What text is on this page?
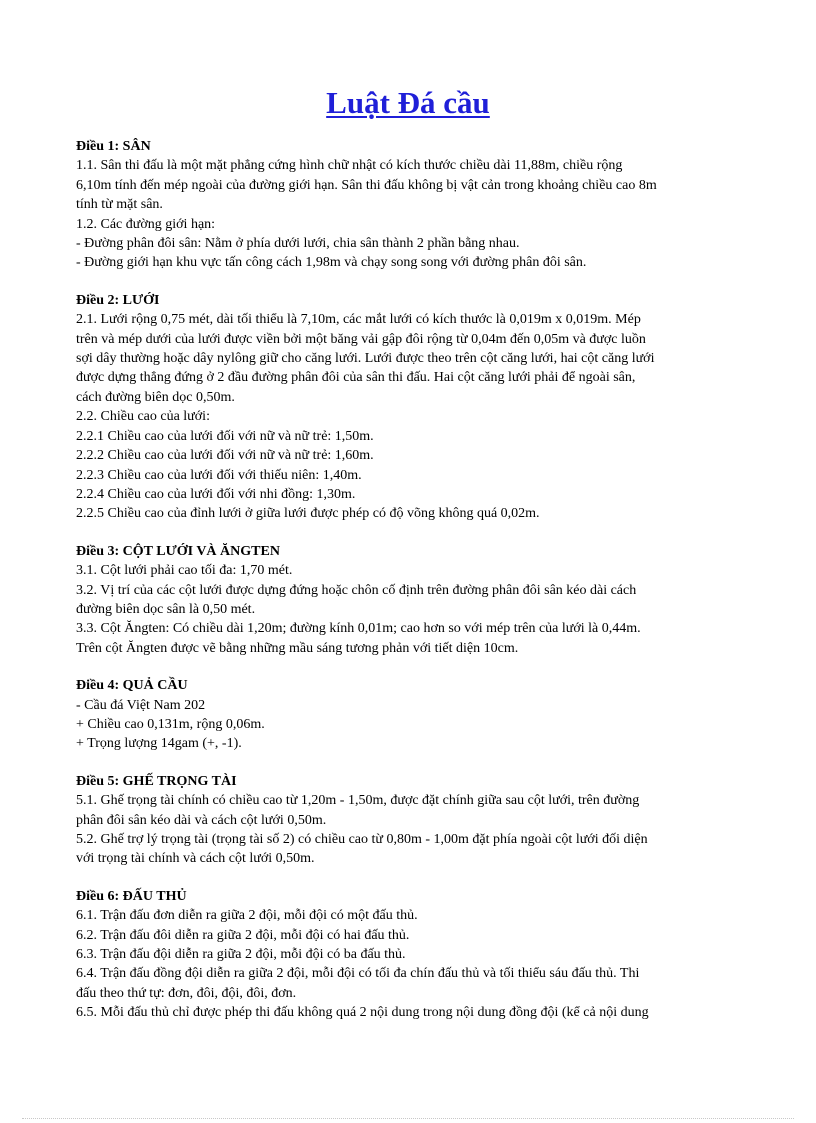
Luật Đá cầu

Điều 1: SÂN

1.1. Sân thi đấu là một mặt phẳng cứng hình chữ nhật có kích thước chiều dài 11,88m, chiều rộng

6,10m tính đến mép ngoài của đường giới hạn. Sân thi đấu không bị vật cản trong khoảng chiều cao 8m

tính từ mặt sân.

1.2. Các đường giới hạn:

- Đường phân đôi sân: Nằm ở phía dưới lưới, chia sân thành 2 phần bằng nhau.

- Đường giới hạn khu vực tấn công cách 1,98m và chạy song song với đường phân đôi sân.

Điều 2: LƯỚI

2.1. Lưới rộng 0,75 mét, dài tối thiểu là 7,10m, các mắt lưới có kích thước là 0,019m x 0,019m. Mép

trên và mép dưới của lưới được viền bởi một băng vải gập đôi rộng từ 0,04m đến 0,05m và được luồn

sợi dây thường hoặc dây nylông giữ cho căng lưới. Lưới được theo trên cột căng lưới, hai cột căng lưới

được dựng thẳng đứng ở 2 đầu đường phân đôi của sân thi đấu. Hai cột căng lưới phải để ngoài sân,

cách đường biên dọc 0,50m.

2.2. Chiều cao của lưới:

2.2.1 Chiều cao của lưới đối với nữ và nữ trẻ: 1,50m.

2.2.2 Chiều cao của lưới đối với nữ và nữ trẻ: 1,60m.

2.2.3 Chiều cao của lưới đối với thiếu niên: 1,40m.

2.2.4 Chiều cao của lưới đối với nhi đồng: 1,30m.

2.2.5 Chiều cao của đỉnh lưới ở giữa lưới được phép có độ võng không quá 0,02m.

Điều 3: CỘT LƯỚI VÀ ĂNGTEN

3.1. Cột lưới phải cao tối đa: 1,70 mét.

3.2. Vị trí của các cột lưới được dựng đứng hoặc chôn cố định trên đường phân đôi sân kéo dài cách

đường biên dọc sân là 0,50 mét.

3.3. Cột Ăngten: Có chiều dài 1,20m; đường kính 0,01m; cao hơn so với mép trên của lưới là 0,44m.

Trên cột Ăngten được vẽ bằng những mầu sáng tương phản với tiết diện 10cm.

Điều 4: QUẢ CẦU

- Cầu đá Việt Nam 202

+ Chiều cao 0,131m, rộng 0,06m.

+ Trọng lượng 14gam (+, -1).

Điều 5: GHẾ TRỌNG TÀI

5.1. Ghế trọng tài chính có chiều cao từ 1,20m - 1,50m, được đặt chính giữa sau cột lưới, trên đường

phân đôi sân kéo dài và cách cột lưới 0,50m.

5.2. Ghế trợ lý trọng tài (trọng tài số 2) có chiều cao từ 0,80m - 1,00m đặt phía ngoài cột lưới đối diện

với trọng tài chính và cách cột lưới 0,50m.

Điều 6: ĐẤU THỦ

6.1. Trận đấu đơn diễn ra giữa 2 đội, mỗi đội có một đấu thủ.

6.2. Trận đấu đôi diễn ra giữa 2 đội, mỗi đội có hai đấu thủ.

6.3. Trận đấu đội diễn ra giữa 2 đội, mỗi đội có ba đấu thủ.

6.4. Trận đấu đồng đội diễn ra giữa 2 đội, mỗi đội có tối đa chín đấu thủ và tối thiểu sáu đấu thủ. Thi

đấu theo thứ tự: đơn, đôi, đội, đôi, đơn.

6.5. Mỗi đấu thủ chỉ được phép thi đấu không quá 2 nội dung trong nội dung đồng đội (kể cả nội dung
